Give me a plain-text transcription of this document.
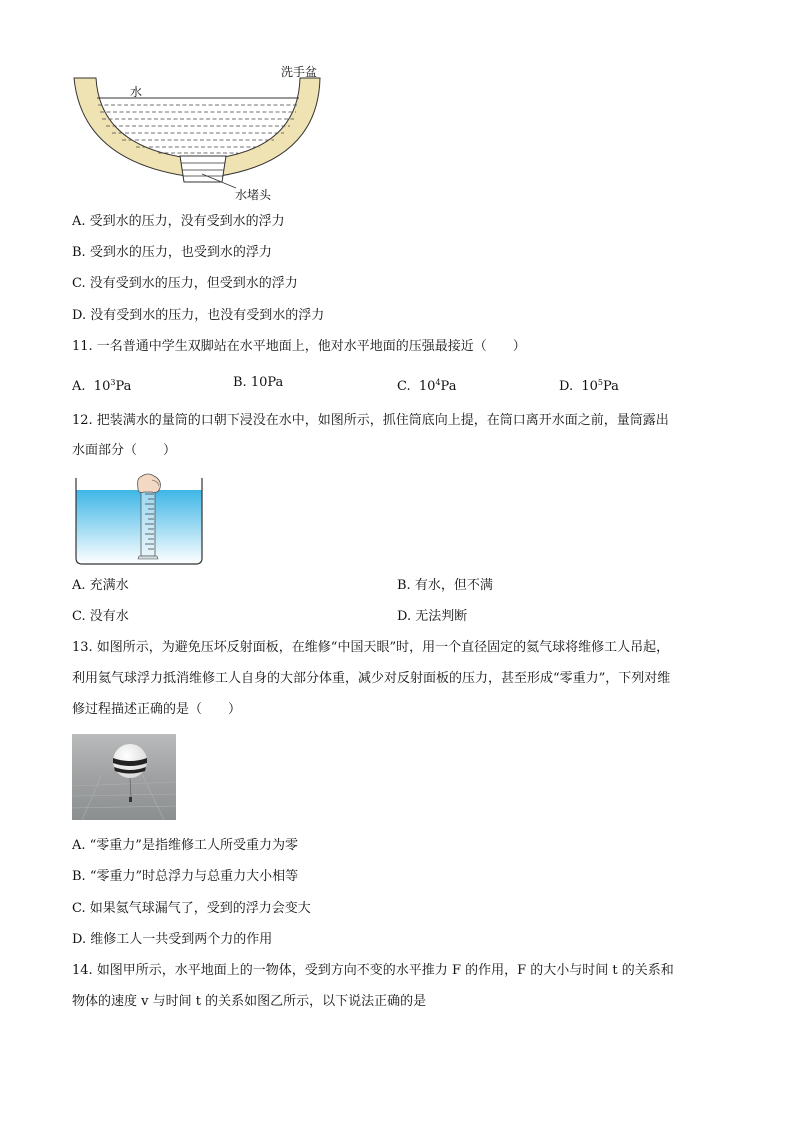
洗手盆
水
水堵头
A. 受到水的压力，没有受到水的浮力
B. 受到水的压力，也受到水的浮力
C. 没有受到水的压力，但受到水的浮力
D. 没有受到水的压力，也没有受到水的浮力
11. 一名普通中学生双脚站在水平地面上，他对水平地面的压强最接近（　　）
A. $10^3Pa$	B. 10Pa	C. $10^4Pa$	D. $10^5Pa$
12. 把装满水的量筒的口朝下浸没在水中，如图所示，抓住筒底向上提，在筒口离开水面之前，量筒露出
水面部分（　　）
A. 充满水	B. 有水，但不满
C. 没有水	D. 无法判断
13. 如图所示，为避免压坏反射面板，在维修“中国天眼”时，用一个直径固定的氦气球将维修工人吊起，
利用氦气球浮力抵消维修工人自身的大部分体重，减少对反射面板的压力，甚至形成“零重力”，下列对维
修过程描述正确的是（　　）
A. “零重力”是指维修工人所受重力为零
B. “零重力”时总浮力与总重力大小相等
C. 如果氦气球漏气了，受到的浮力会变大
D. 维修工人一共受到两个力的作用
14. 如图甲所示，水平地面上的一物体，受到方向不变的水平推力 F 的作用，F 的大小与时间 t 的关系和
物体的速度 v 与时间 t 的关系如图乙所示，以下说法正确的是
